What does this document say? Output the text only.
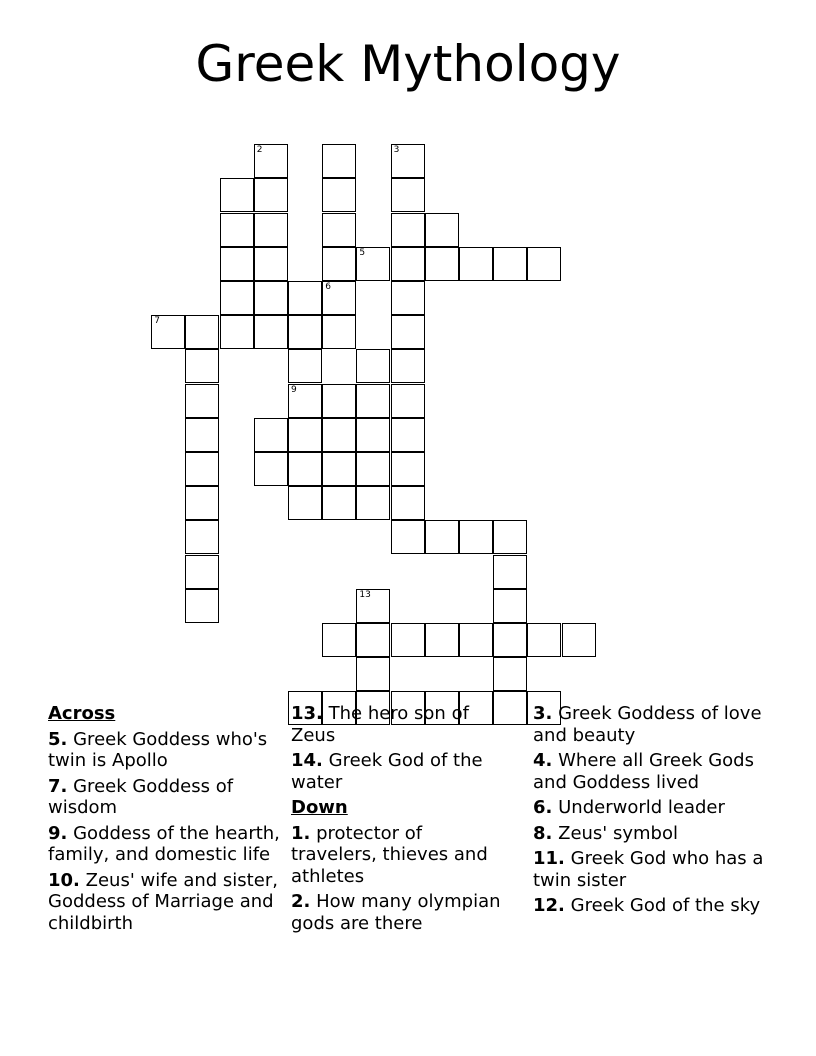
Greek Mythology
2	3
5
6
7
9
13
Across
5. Greek Goddess who's twin is Apollo
7. Greek Goddess of wisdom
9. Goddess of the hearth, family, and domestic life
10. Zeus' wife and sister, Goddess of Marriage and childbirth
13. The hero son of Zeus
14. Greek God of the water
Down
1. protector of travelers, thieves and athletes
2. How many olympian gods are there
3. Greek Goddess of love and beauty
4. Where all Greek Gods and Goddess lived
6. Underworld leader
8. Zeus' symbol
11. Greek God who has a twin sister
12. Greek God of the sky
